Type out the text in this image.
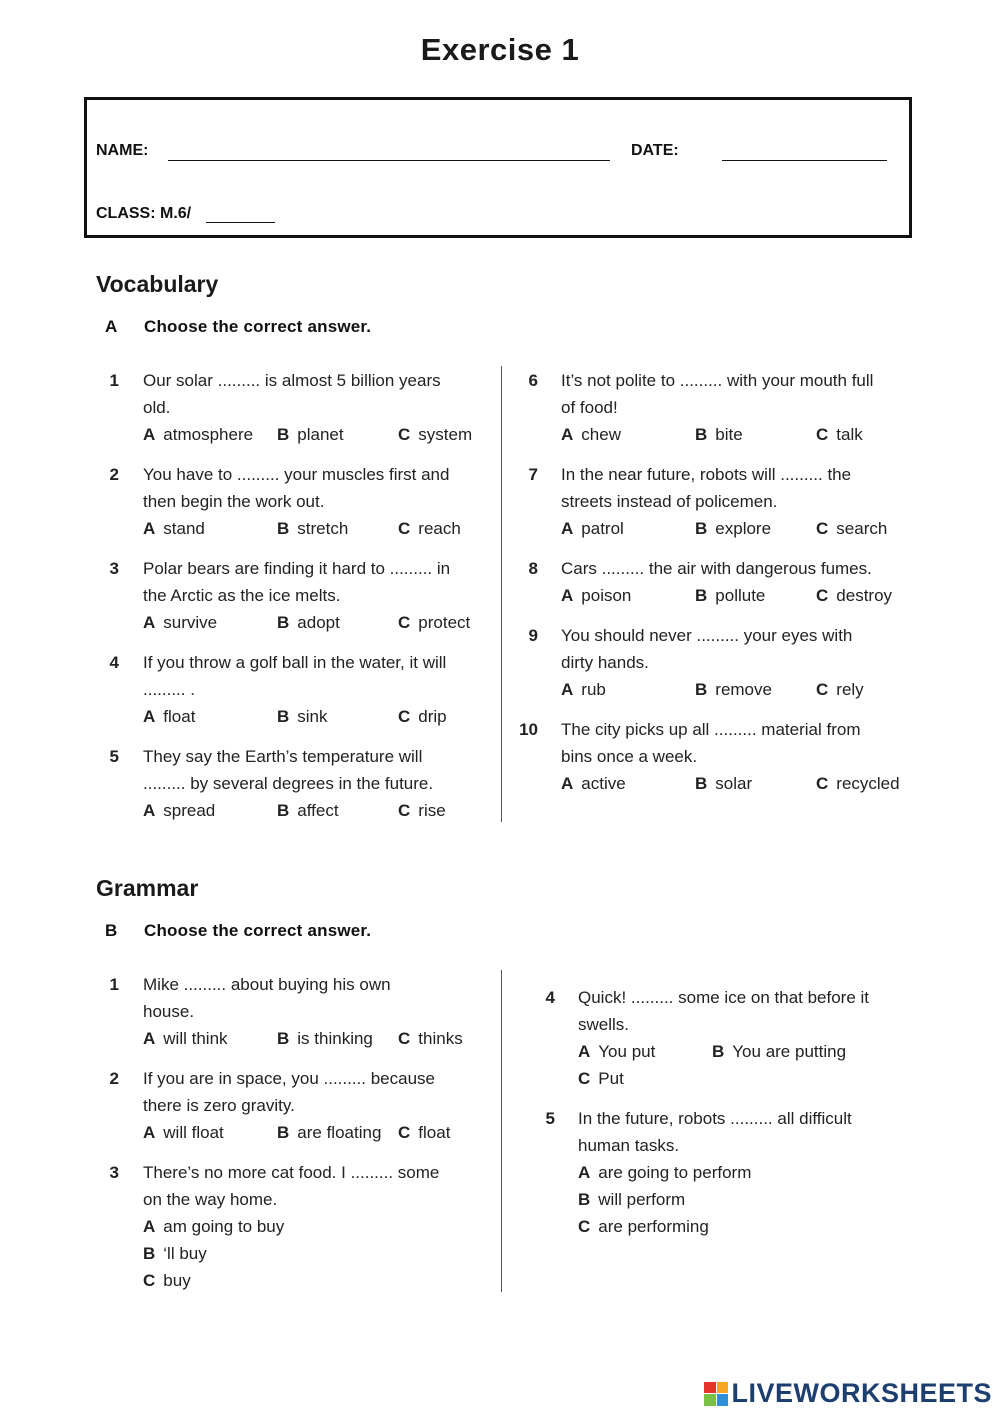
Exercise 1
NAME:	DATE:
CLASS: M.6/
Vocabulary
A Choose the correct answer.
1 Our solar ......... is almost 5 billion years
old.
A atmosphere B planet	C system
2 You have to ......... your muscles first and
then begin the work out.
A stand	B stretch	C reach
3 Polar bears are finding it hard to ......... in
the Arctic as the ice melts.
A survive	B adopt	C protect
4 If you throw a golf ball in the water, it will
......... .
A float	B sink	C drip
5 They say the Earth’s temperature will
......... by several degrees in the future.
A spread	B affect	C rise
6 It’s not polite to ......... with your mouth full
of food!
A chew	B bite	C talk
7 In the near future, robots will ......... the
streets instead of policemen.
A patrol	B explore	C search
8 Cars ......... the air with dangerous fumes.
A poison	B pollute	C destroy
9 You should never ......... your eyes with
dirty hands.
A rub	B remove	C rely
10 The city picks up all ......... material from
bins once a week.
A active	B solar	C recycled
Grammar
B Choose the correct answer.
1 Mike ......... about buying his own
house.
A will think	B is thinking C thinks
2 If you are in space, you ......... because
there is zero gravity.
A will float	B are floating C float
3 There’s no more cat food. I ......... some
on the way home.
A am going to buy
B ‘ll buy
C buy
4 Quick! ......... some ice on that before it
swells.
A You put	B You are putting
C Put
5 In the future, robots ......... all difficult
human tasks.
A are going to perform
B will perform
C are performing
LIVEWORKSHEETS
